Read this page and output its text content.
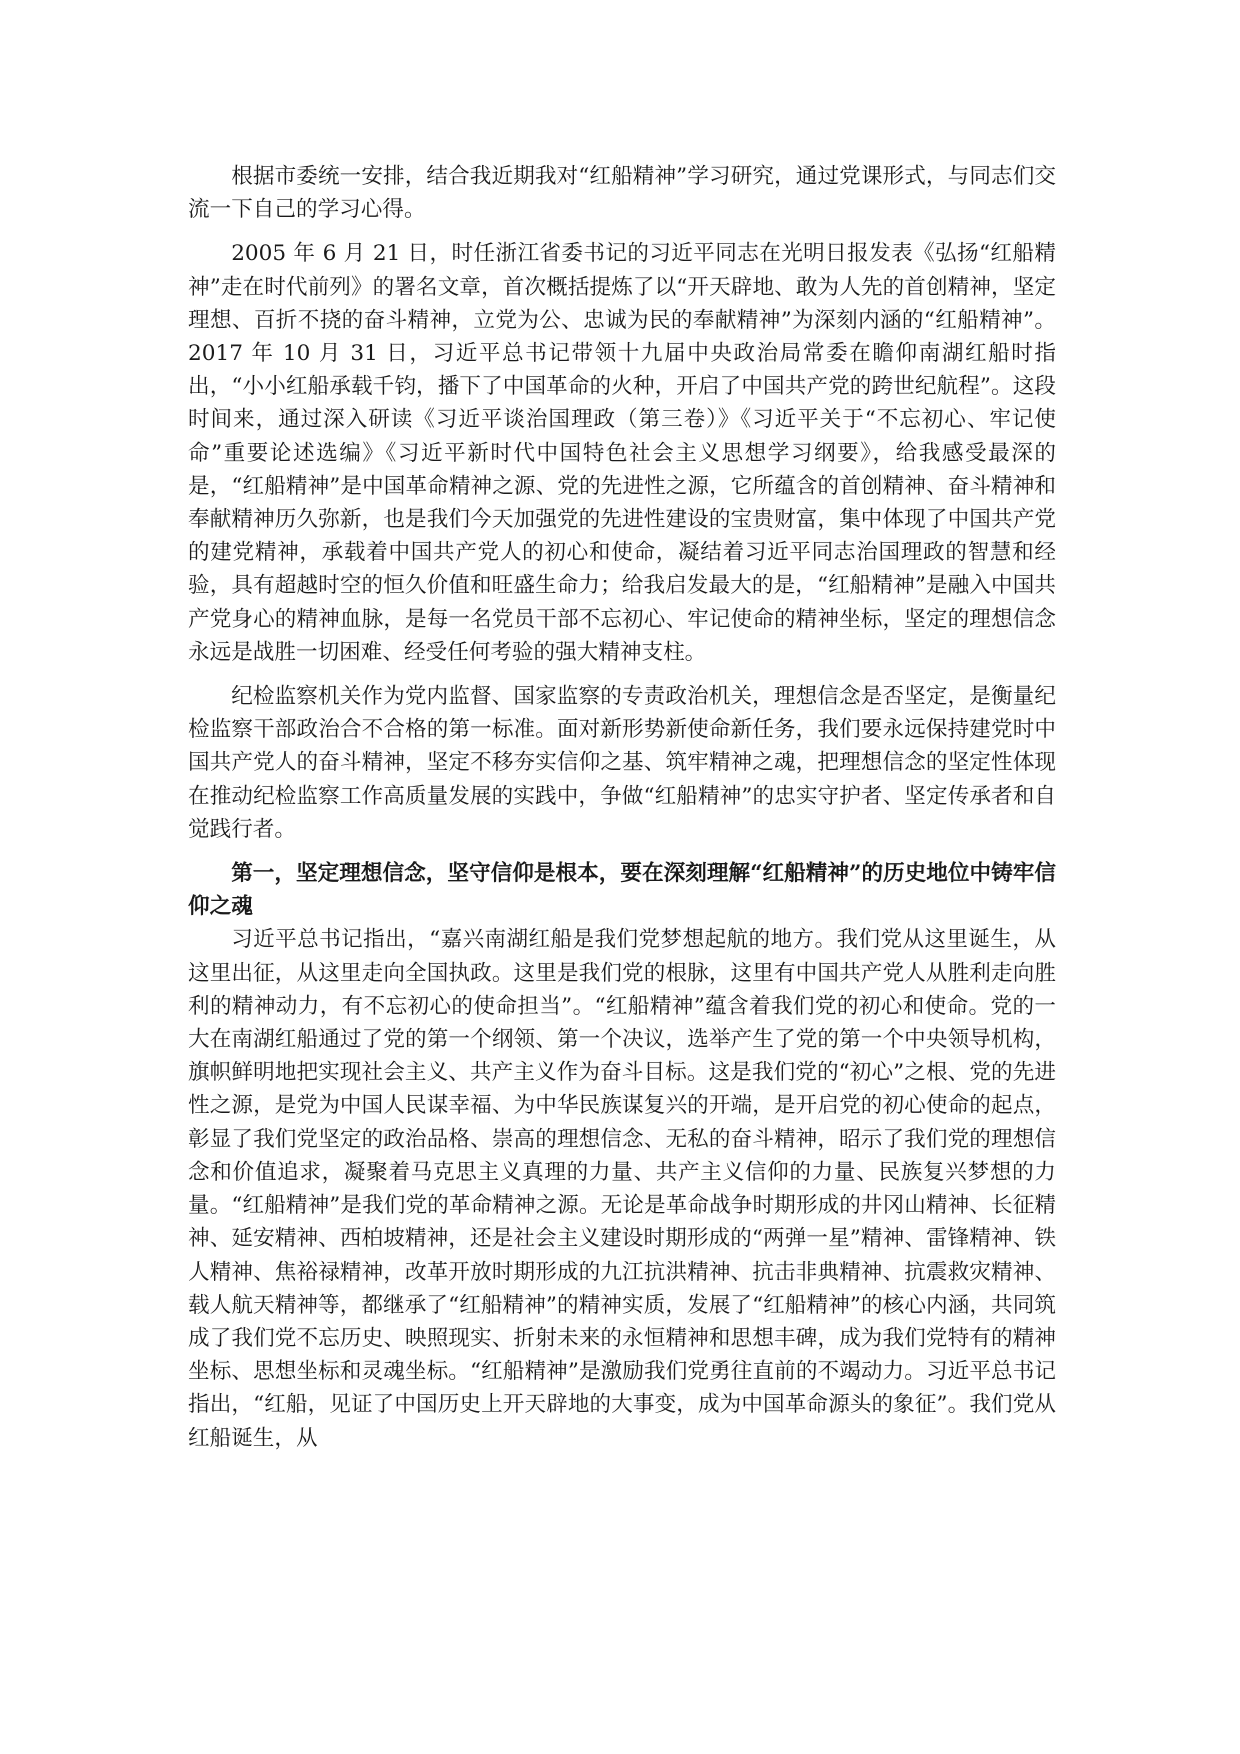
根据市委统一安排，结合我近期我对“红船精神”学习研究，通过党课形式，与同志们交流一下自己的学习心得。

2005 年 6 月 21 日，时任浙江省委书记的习近平同志在光明日报发表《弘扬“红船精神”走在时代前列》的署名文章，首次概括提炼了以“开天辟地、敢为人先的首创精神，坚定理想、百折不挠的奋斗精神，立党为公、忠诚为民的奉献精神”为深刻内涵的“红船精神”。2017 年 10 月 31 日，习近平总书记带领十九届中央政治局常委在瞻仰南湖红船时指出，“小小红船承载千钧，播下了中国革命的火种，开启了中国共产党的跨世纪航程”。这段时间来，通过深入研读《习近平谈治国理政（第三卷）》《习近平关于“不忘初心、牢记使命”重要论述选编》《习近平新时代中国特色社会主义思想学习纲要》，给我感受最深的是，“红船精神”是中国革命精神之源、党的先进性之源，它所蕴含的首创精神、奋斗精神和奉献精神历久弥新，也是我们今天加强党的先进性建设的宝贵财富，集中体现了中国共产党的建党精神，承载着中国共产党人的初心和使命，凝结着习近平同志治国理政的智慧和经验，具有超越时空的恒久价值和旺盛生命力；给我启发最大的是，“红船精神”是融入中国共产党身心的精神血脉，是每一名党员干部不忘初心、牢记使命的精神坐标，坚定的理想信念永远是战胜一切困难、经受任何考验的强大精神支柱。

纪检监察机关作为党内监督、国家监察的专责政治机关，理想信念是否坚定，是衡量纪检监察干部政治合不合格的第一标准。面对新形势新使命新任务，我们要永远保持建党时中国共产党人的奋斗精神，坚定不移夯实信仰之基、筑牢精神之魂，把理想信念的坚定性体现在推动纪检监察工作高质量发展的实践中，争做“红船精神”的忠实守护者、坚定传承者和自觉践行者。

第一，坚定理想信念，坚守信仰是根本，要在深刻理解“红船精神”的历史地位中铸牢信仰之魂

习近平总书记指出，“嘉兴南湖红船是我们党梦想起航的地方。我们党从这里诞生，从这里出征，从这里走向全国执政。这里是我们党的根脉，这里有中国共产党人从胜利走向胜利的精神动力，有不忘初心的使命担当”。“红船精神”蕴含着我们党的初心和使命。党的一大在南湖红船通过了党的第一个纲领、第一个决议，选举产生了党的第一个中央领导机构，旗帜鲜明地把实现社会主义、共产主义作为奋斗目标。这是我们党的“初心”之根、党的先进性之源，是党为中国人民谋幸福、为中华民族谋复兴的开端，是开启党的初心使命的起点，彰显了我们党坚定的政治品格、崇高的理想信念、无私的奋斗精神，昭示了我们党的理想信念和价值追求，凝聚着马克思主义真理的力量、共产主义信仰的力量、民族复兴梦想的力量。“红船精神”是我们党的革命精神之源。无论是革命战争时期形成的井冈山精神、长征精神、延安精神、西柏坡精神，还是社会主义建设时期形成的“两弹一星”精神、雷锋精神、铁人精神、焦裕禄精神，改革开放时期形成的九江抗洪精神、抗击非典精神、抗震救灾精神、载人航天精神等，都继承了“红船精神”的精神实质，发展了“红船精神”的核心内涵，共同筑成了我们党不忘历史、映照现实、折射未来的永恒精神和思想丰碑，成为我们党特有的精神坐标、思想坐标和灵魂坐标。“红船精神”是激励我们党勇往直前的不竭动力。习近平总书记指出，“红船，见证了中国历史上开天辟地的大事变，成为中国革命源头的象征”。我们党从红船诞生，从
